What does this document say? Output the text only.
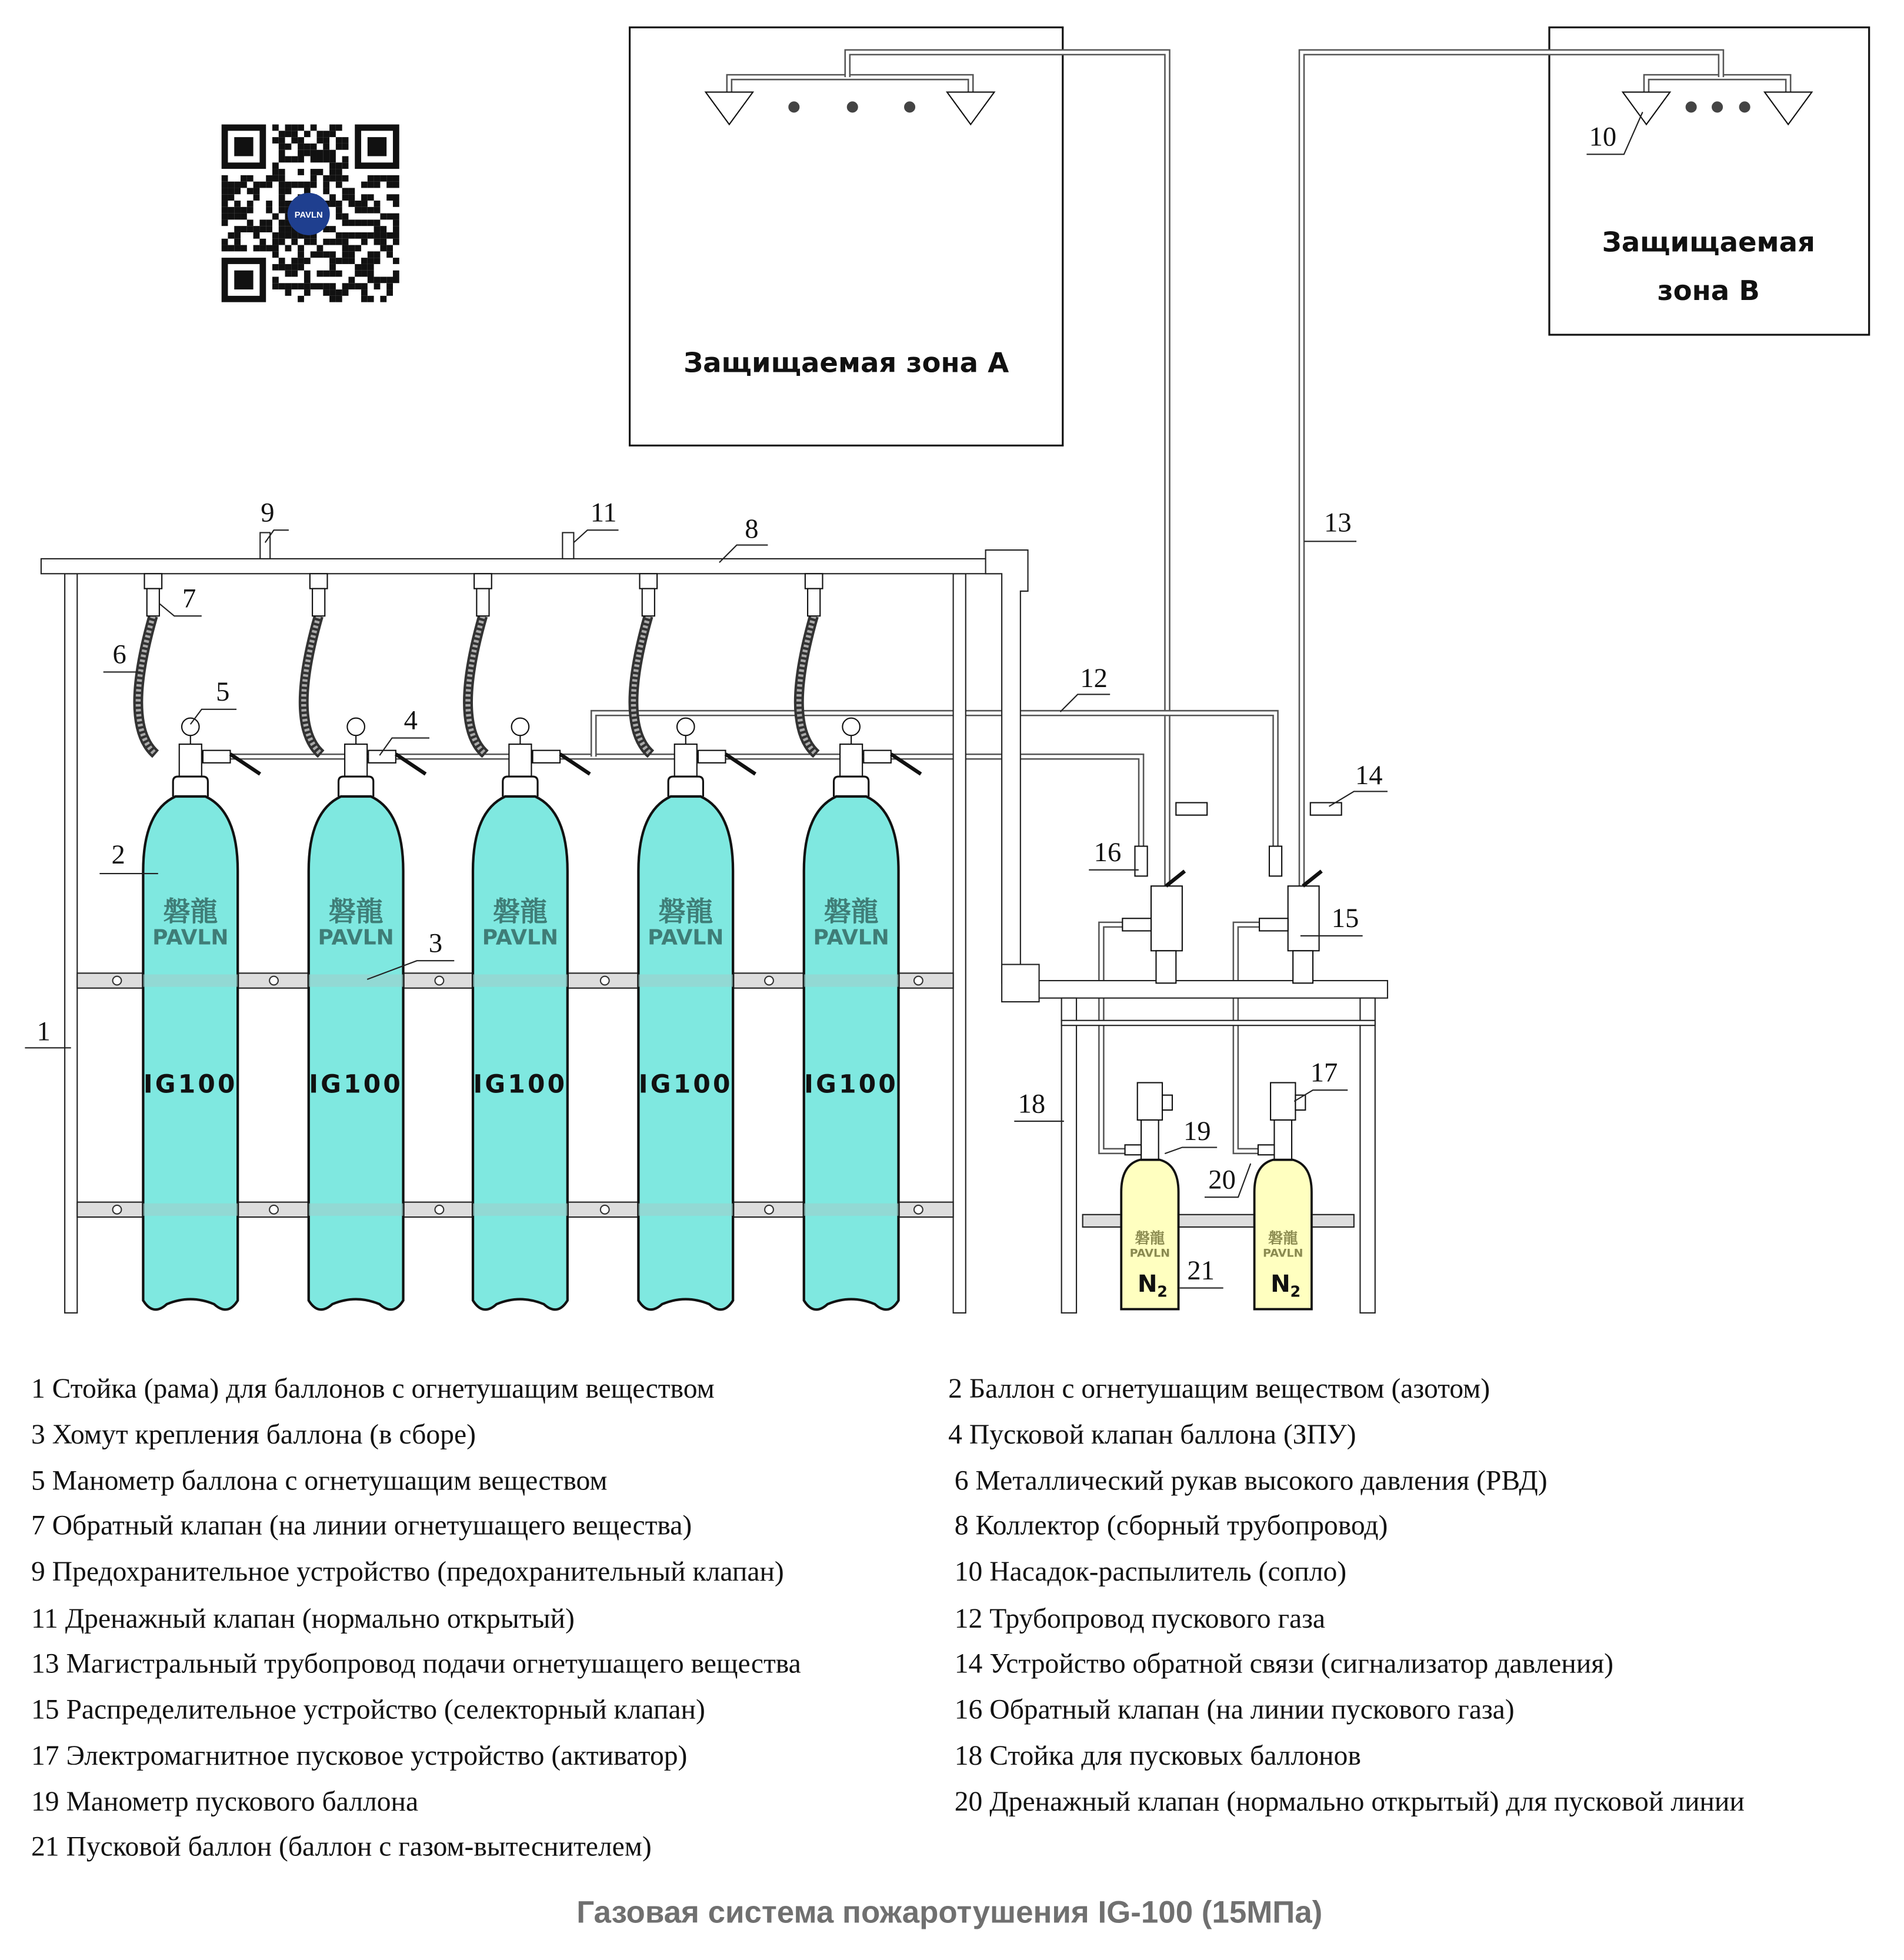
PAVLN
Защищаемая зона А
Защищаемая
зона В
磐龍
PAVLN
IG100
磐龍
PAVLN
IG100
磐龍
PAVLN
IG100
磐龍
PAVLN
IG100
磐龍
PAVLN
IG100
磐龍
PAVLN
N 2
磐龍
PAVLN
N 2
1
2
3
4
5
6
7
8
9
10
11
12
13
14
15
16
17
18
19
20
21
1 Стойка (рама) для баллонов с огнетушащим веществом
3 Хомут крепления баллона (в сборе)
5 Манометр баллона с огнетушащим веществом
7 Обратный клапан (на линии огнетушащего вещества)
9 Предохранительное устройство (предохранительный клапан)
11 Дренажный клапан (нормально открытый)
13 Магистральный трубопровод подачи огнетушащего вещества
15 Распределительное устройство (селекторный клапан)
17 Электромагнитное пусковое устройство (активатор)
19 Манометр пускового баллона
21 Пусковой баллон (баллон с газом-вытеснителем)
2 Баллон с огнетушащим веществом (азотом)
4 Пусковой клапан баллона (ЗПУ)
6 Металлический рукав высокого давления (РВД)
8 Коллектор (сборный трубопровод)
10 Насадок-распылитель (сопло)
12 Трубопровод пускового газа
14 Устройство обратной связи (сигнализатор давления)
16 Обратный клапан (на линии пускового газа)
18 Стойка для пусковых баллонов
20 Дренажный клапан (нормально открытый) для пусковой линии
Газовая система пожаротушения IG-100 (15МПа)
